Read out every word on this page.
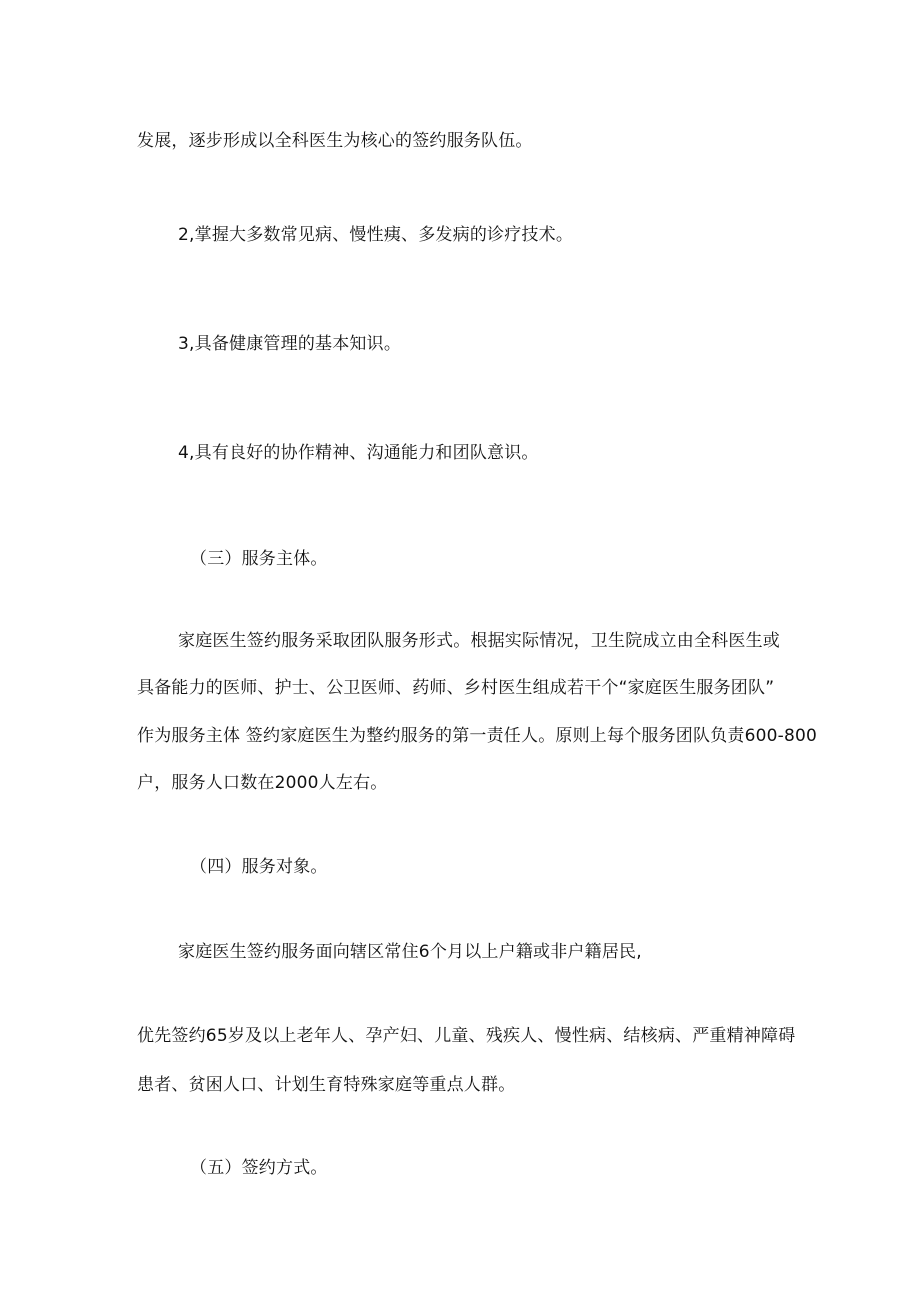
发展，逐步形成以全科医生为核心的签约服务队伍。

2,掌握大多数常见病、慢性痍、多发病的诊疗技术。

3,具备健康管理的基本知识。

4,具有良好的协作精神、沟通能力和团队意识。

（三）服务主体。

家庭医生签约服务采取团队服务形式。根据实际情况，卫生院成立由全科医生或

具备能力的医师、护士、公卫医师、药师、乡村医生组成若干个“家庭医生服务团队”

作为服务主体 签约家庭医生为整约服务的第一责任人。原则上每个服务团队负责600-800

户，服务人口数在2000人左右。

（四）服务对象。

家庭医生签约服务面向辖区常住6个月以上户籍或非户籍居民,

优先签约65岁及以上老年人、孕产妇、儿童、残疾人、慢性病、结核病、严重精神障碍

患者、贫困人口、计划生育特殊家庭等重点人群。

（五）签约方式。
